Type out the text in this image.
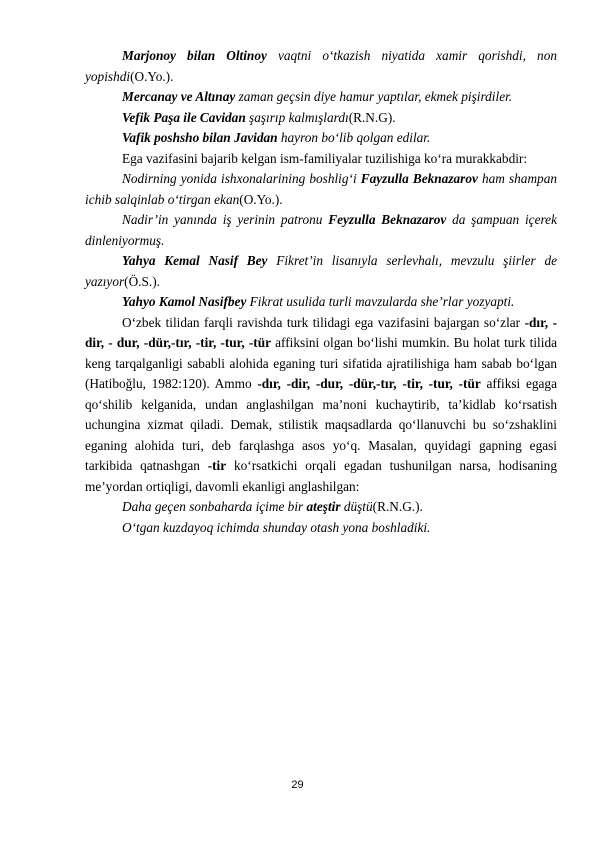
Marjonoy bilan Oltinoy vaqtni o‘tkazish niyatida xamir qorishdi, non yopishdi(O.Yo.).

Mercanay ve Altınay zaman geçsin diye hamur yaptılar, ekmek pişirdiler.

Vefik Paşa ile Cavidan şaşırıp kalmışlardı(R.N.G).

Vafik poshsho bilan Javidan hayron bo‘lib qolgan edilar.

Ega vazifasini bajarib kelgan ism-familiyalar tuzilishiga ko‘ra murakkabdir:

Nodirning yonida ishxonalarining boshlig‘i Fayzulla Beknazarov ham shampan ichib salqinlab o‘tirgan ekan(O.Yo.).

Nadir’in yanında iş yerinin patronu Feyzulla Beknazarov da şampuan içerek dinleniyormuş.

Yahya Kemal Nasif Bey Fikret’in lisanıyla serlevhalı, mevzulu şiirler de yazıyor(Ö.S.).

Yahyo Kamol Nasifbey Fikrat usulida turli mavzularda she’rlar yozyapti.

O‘zbek tilidan farqli ravishda turk tilidagi ega vazifasini bajargan so‘zlar -dır, -dir, - dur, -dür,-tır, -tir, -tur, -tür affiksini olgan bo‘lishi mumkin. Bu holat turk tilida keng tarqalganligi sababli alohida eganing turi sifatida ajratilishiga ham sabab bo‘lgan (Hatiboğlu, 1982:120). Ammo -dır, -dir, -dur, -dür,-tır, -tir, -tur, -tür affiksi egaga qo‘shilib kelganida, undan anglashilgan ma’noni kuchaytirib, ta’kidlab ko‘rsatish uchungina xizmat qiladi. Demak, stilistik maqsadlarda qo‘llanuvchi bu so‘zshaklini eganing alohida turi, deb farqlashga asos yo‘q. Masalan, quyidagi gapning egasi tarkibida qatnashgan -tir ko‘rsatkichi orqali egadan tushunilgan narsa, hodisaning me’yordan ortiqligi, davomli ekanligi anglashilgan:

Daha geçen sonbaharda içime bir ateştir düştü(R.N.G.).

O‘tgan kuzdayoq ichimda shunday otash yona boshladiki.

29
